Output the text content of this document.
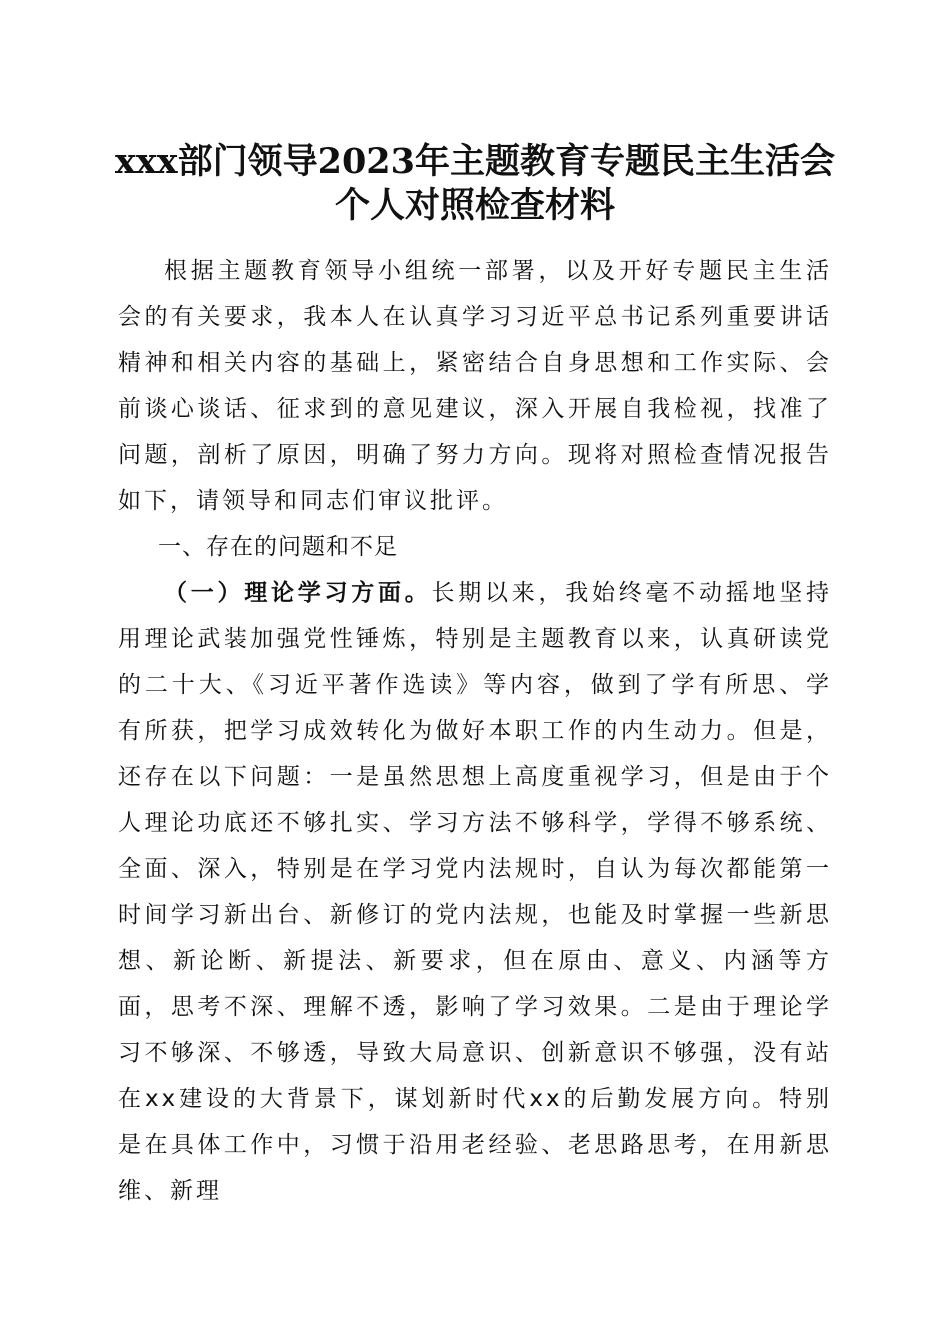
xxx部门领导2023年主题教育专题民主生活会
个人对照检查材料

根据主题教育领导小组统一部署，以及开好专题民主生活会的有关要求，我本人在认真学习习近平总书记系列重要讲话精神和相关内容的基础上，紧密结合自身思想和工作实际、会前谈心谈话、征求到的意见建议，深入开展自我检视，找准了问题，剖析了原因，明确了努力方向。现将对照检查情况报告如下，请领导和同志们审议批评。

一、存在的问题和不足

（一）理论学习方面。长期以来，我始终毫不动摇地坚持用理论武装加强党性锤炼，特别是主题教育以来，认真研读党的二十大、《习近平著作选读》等内容，做到了学有所思、学有所获，把学习成效转化为做好本职工作的内生动力。但是，还存在以下问题：一是虽然思想上高度重视学习，但是由于个人理论功底还不够扎实、学习方法不够科学，学得不够系统、全面、深入，特别是在学习党内法规时，自认为每次都能第一时间学习新出台、新修订的党内法规，也能及时掌握一些新思想、新论断、新提法、新要求，但在原由、意义、内涵等方面，思考不深、理解不透，影响了学习效果。二是由于理论学习不够深、不够透，导致大局意识、创新意识不够强，没有站在xx建设的大背景下，谋划新时代xx的后勤发展方向。特别是在具体工作中，习惯于沿用老经验、老思路思考，在用新思维、新理
